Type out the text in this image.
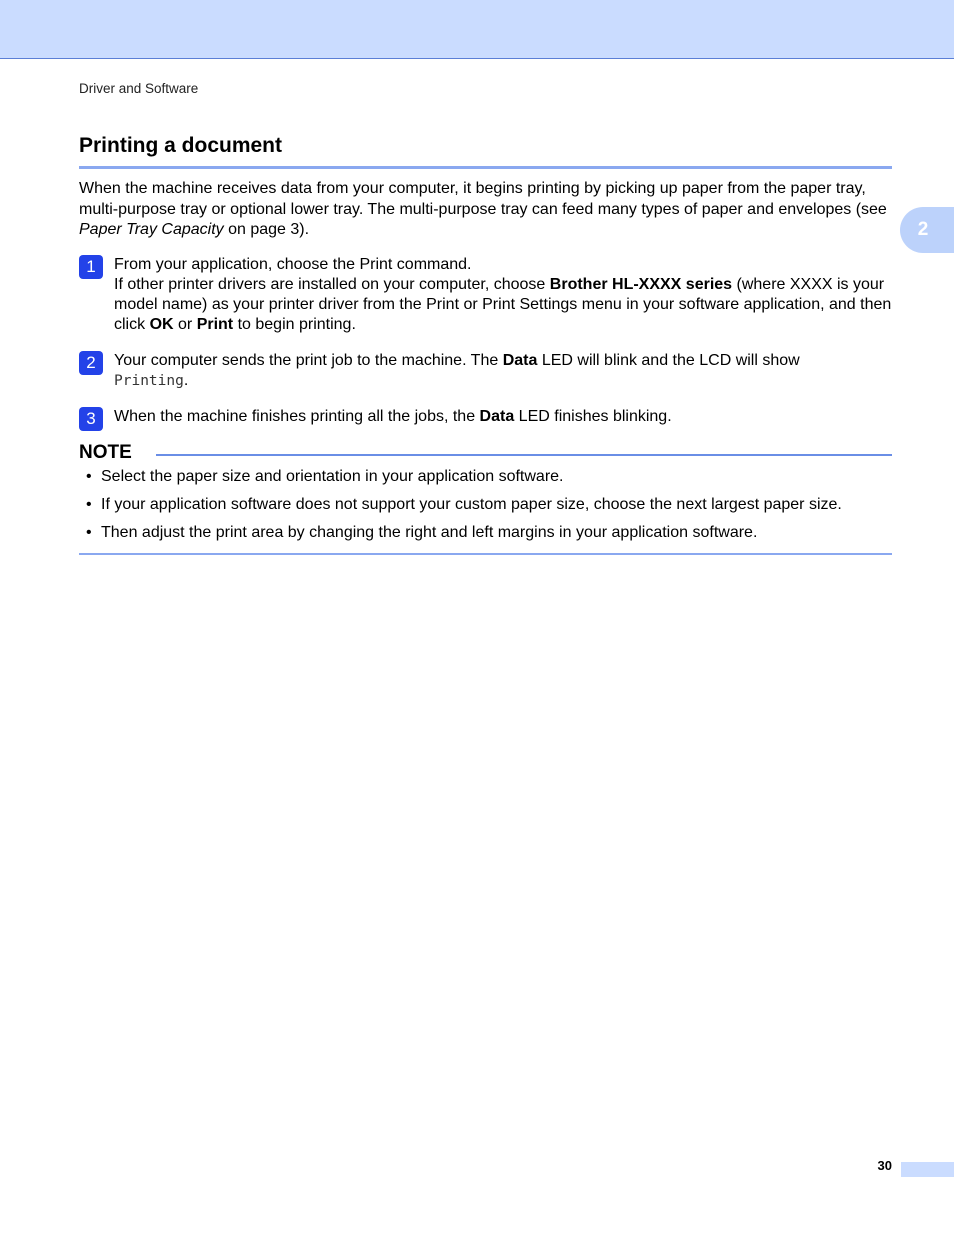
Driver and Software
Printing a document
2
When the machine receives data from your computer, it begins printing by picking up paper from the paper tray, multi-purpose tray or optional lower tray. The multi-purpose tray can feed many types of paper and envelopes (see Paper Tray Capacity on page 3).
1	From your application, choose the Print command.
If other printer drivers are installed on your computer, choose Brother HL-XXXX series (where XXXX is your model name) as your printer driver from the Print or Print Settings menu in your software application, and then click OK or Print to begin printing.
2	Your computer sends the print job to the machine. The Data LED will blink and the LCD will show
Printing.
3	When the machine finishes printing all the jobs, the Data LED finishes blinking.
NOTE
• Select the paper size and orientation in your application software.
• If your application software does not support your custom paper size, choose the next largest paper size.
• Then adjust the print area by changing the right and left margins in your application software.
30
